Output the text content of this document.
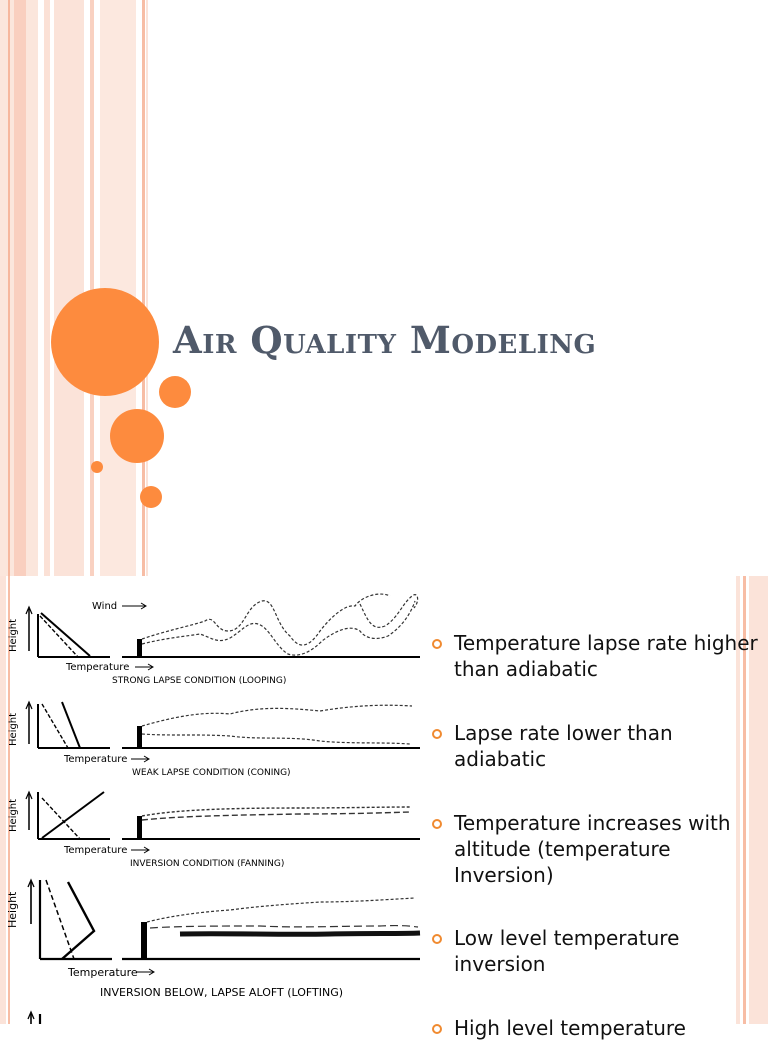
Air Quality Modeling
Height
Temperature
Wind
STRONG LAPSE CONDITION (LOOPING)
Height
Temperature
WEAK LAPSE CONDITION (CONING)
Height
Temperature
INVERSION CONDITION (FANNING)
Height
Temperature
INVERSION BELOW, LAPSE ALOFT (LOFTING)
Temperature lapse rate higher than adiabatic
Lapse rate lower than adiabatic
Temperature increases with altitude (temperature Inversion)
Low level temperature inversion
High level temperature
